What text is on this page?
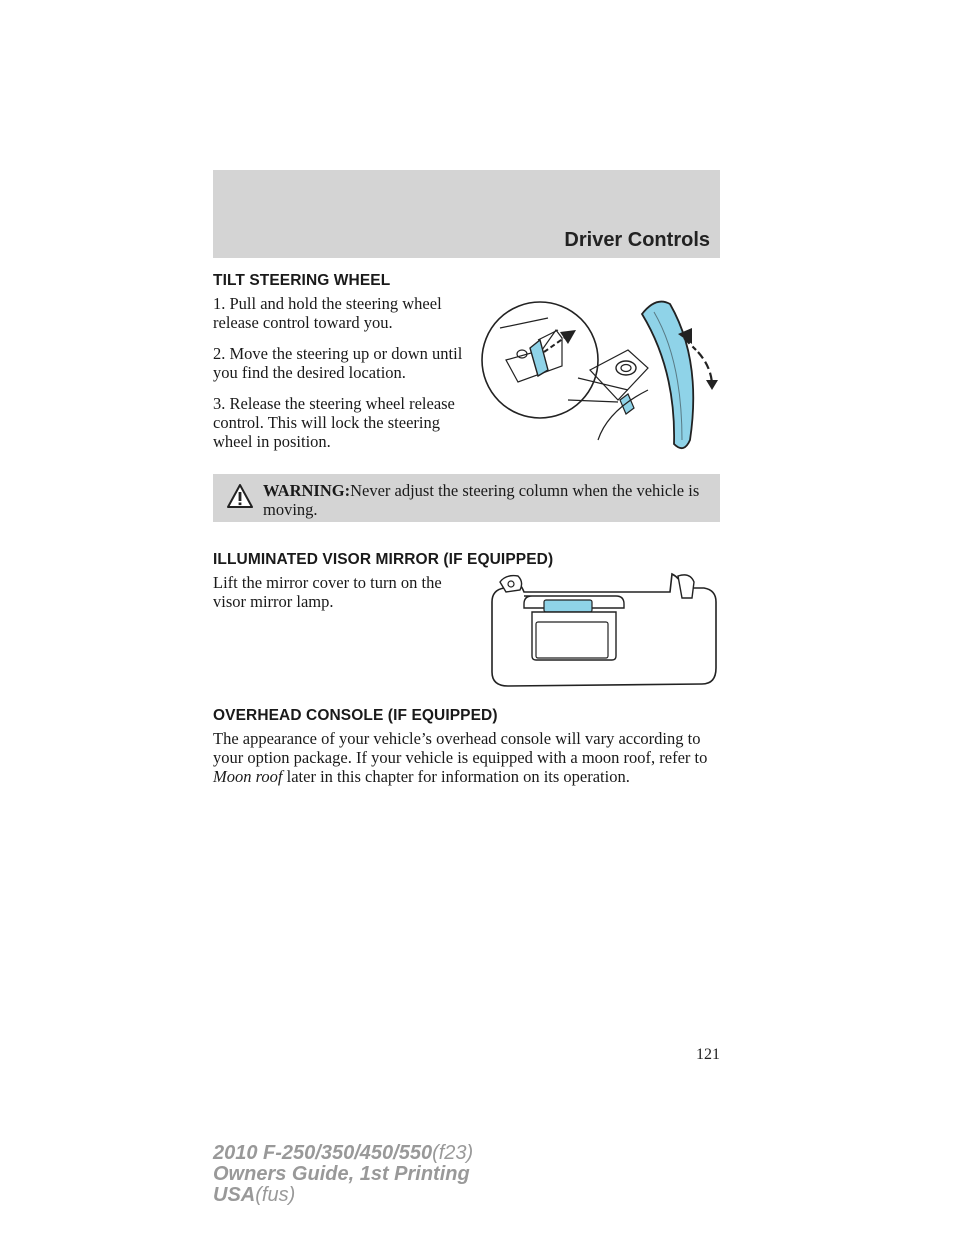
Driver Controls
TILT STEERING WHEEL

1. Pull and hold the steering wheel release control toward you.

2. Move the steering up or down until you find the desired location.

3. Release the steering wheel release control. This will lock the steering wheel in position.

WARNING:Never adjust the steering column when the vehicle is moving.
ILLUMINATED VISOR MIRROR (IF EQUIPPED)
Lift the mirror cover to turn on the visor mirror lamp.
OVERHEAD CONSOLE (IF EQUIPPED)
The appearance of your vehicle’s overhead console will vary according to your option package. If your vehicle is equipped with a moon roof, refer to Moon roof later in this chapter for information on its operation.
121
2010 F-250/350/450/550(f23)
Owners Guide, 1st Printing
USA(fus)
